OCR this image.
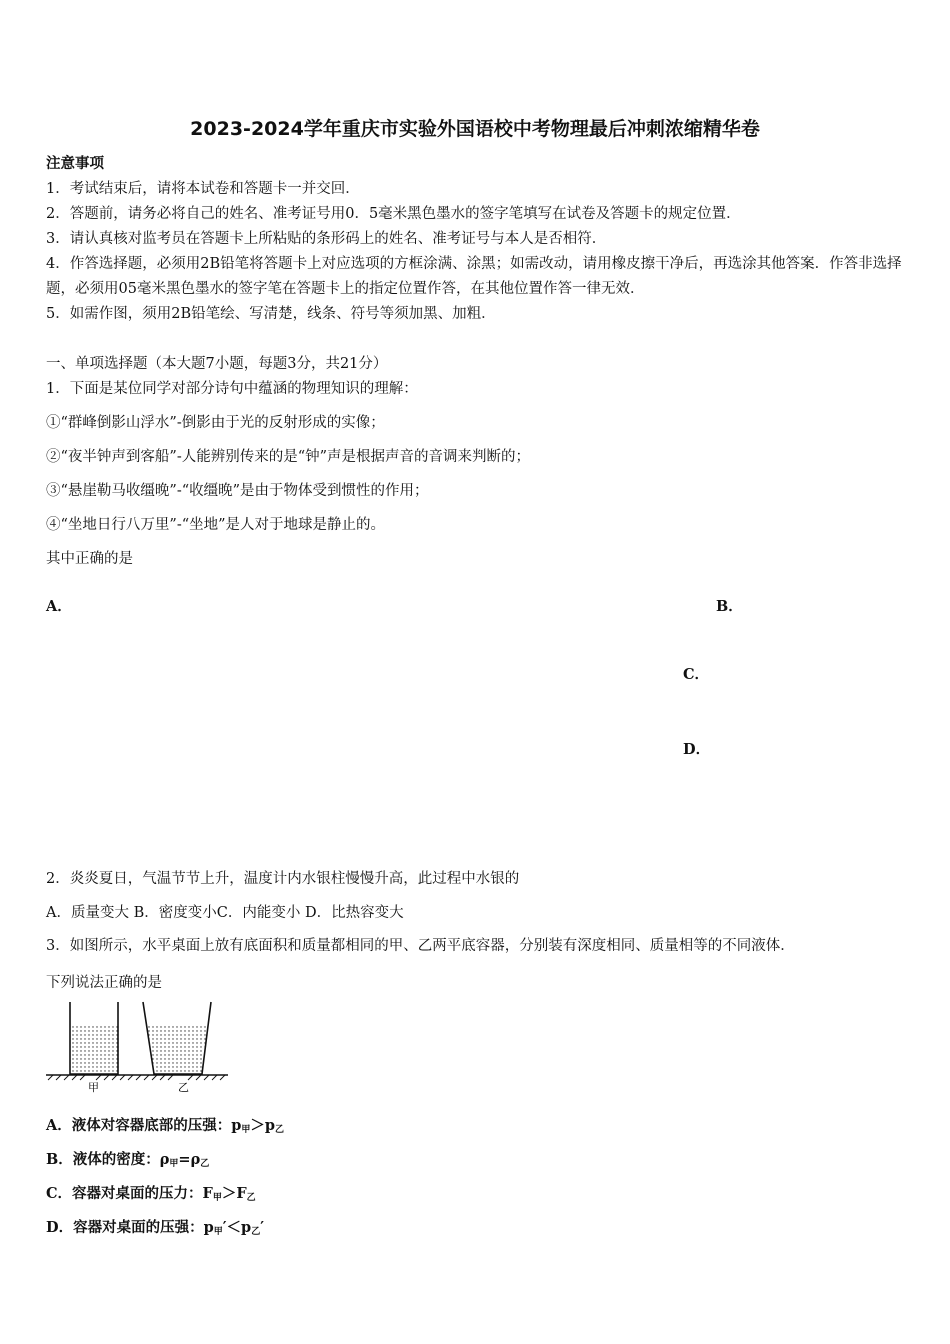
2023-2024学年重庆市实验外国语校中考物理最后冲刺浓缩精华卷
注意事项
1．考试结束后，请将本试卷和答题卡一并交回．
2．答题前，请务必将自己的姓名、准考证号用0．5毫米黑色墨水的签字笔填写在试卷及答题卡的规定位置．
3．请认真核对监考员在答题卡上所粘贴的条形码上的姓名、准考证号与本人是否相符．
4．作答选择题，必须用2B铅笔将答题卡上对应选项的方框涂满、涂黑；如需改动，请用橡皮擦干净后，再选涂其他答案．作答非选择题，必须用05毫米黑色墨水的签字笔在答题卡上的指定位置作答，在其他位置作答一律无效．
5．如需作图，须用2B铅笔绘、写清楚，线条、符号等须加黑、加粗．
一、单项选择题（本大题7小题，每题3分，共21分）
1．下面是某位同学对部分诗句中蕴涵的物理知识的理解：
①“群峰倒影山浮水”-倒影由于光的反射形成的实像；
②“夜半钟声到客船”-人能辨别传来的是“钟”声是根据声音的音调来判断的；
③“悬崖勒马收缰晚”-“收缰晚”是由于物体受到惯性的作用；
④“坐地日行八万里”-“坐地”是人对于地球是静止的。
其中正确的是
A．	B．
C．
D．
2．炎炎夏日，气温节节上升，温度计内水银柱慢慢升高，此过程中水银的
A．质量变大 B．密度变小C．内能变小 D．比热容变大
3．如图所示，水平桌面上放有底面积和质量都相同的甲、乙两平底容器，分别装有深度相同、质量相等的不同液体．
下列说法正确的是
甲	乙
A．液体对容器底部的压强：$p_甲>p_乙$
B．液体的密度：$\rho_甲=\rho_乙$
C．容器对桌面的压力：$F_甲>F_乙$
D．容器对桌面的压强：$p_甲'<p_乙'$
